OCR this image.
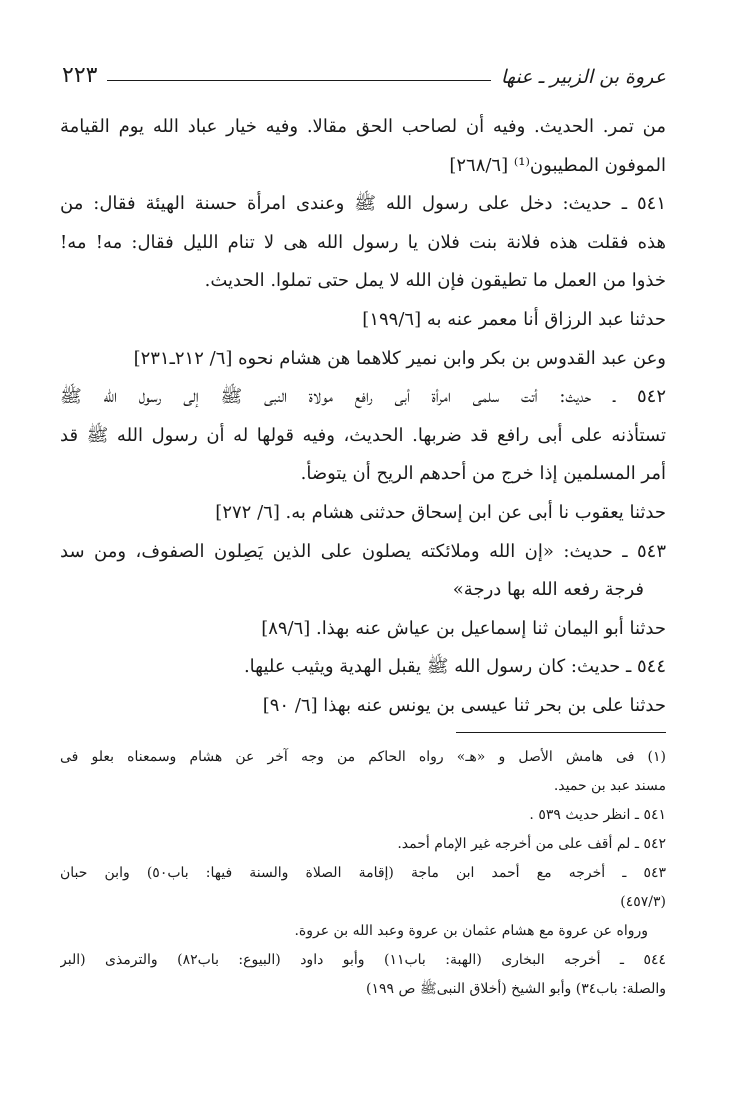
عروة بن الزبير ـ عنها
٢٢٣
من تمر. الحديث. وفيه أن لصاحب الحق مقالا. وفيه خيار عباد الله يوم القيامة
الموفون المطيبون⁽¹⁾ [٢٦٨/٦]
٥٤١ ـ حديث: دخل على رسول الله ﷺ وعندى امرأة حسنة الهيئة فقال: من
هذه فقلت هذه فلانة بنت فلان يا رسول الله هى لا تنام الليل فقال: مه! مه!
خذوا من العمل ما تطيقون فإن الله لا يمل حتى تملوا. الحديث.
حدثنا عبد الرزاق أنا معمر عنه به [١٩٩/٦]
وعن عبد القدوس بن بكر وابن نمير كلاهما هن هشام نحوه [٦/ ٢١٢ـ٢٣١]
٥٤٢ ـ حديث: أتت سلمى امرأة أبى رافع مولاة النبى ﷺ إلى رسول الله ﷺ
تستأذنه على أبى رافع قد ضربها. الحديث، وفيه قولها له أن رسول الله ﷺ قد
أمر المسلمين إذا خرج من أحدهم الريح أن يتوضأ.
حدثنا يعقوب نا أبى عن ابن إسحاق حدثنى هشام به. [٦/ ٢٧٢]
٥٤٣ ـ حديث: «إن الله وملائكته يصلون على الذين يَصِلون الصفوف، ومن سد
فرجة رفعه الله بها درجة»
حدثنا أبو اليمان ثنا إسماعيل بن عياش عنه بهذا. [٨٩/٦]
٥٤٤ ـ حديث: كان رسول الله ﷺ يقبل الهدية ويثيب عليها.
حدثنا على بن بحر ثنا عيسى بن يونس عنه بهذا [٦/ ٩٠]
(١) فى هامش الأصل و «هـ» رواه الحاكم من وجه آخر عن هشام وسمعناه بعلو فى
مسند عبد بن حميد.
٥٤١ ـ انظر حديث ٥٣٩ .
٥٤٢ ـ لم أقف على من أخرجه غير الإمام أحمد.
٥٤٣ ـ أخرجه مع أحمد ابن ماجة (إقامة الصلاة والسنة فيها: باب٥٠) وابن حبان
(٤٥٧/٣)
ورواه عن عروة مع هشام عثمان بن عروة وعبد الله بن عروة.
٥٤٤ ـ أخرجه البخارى (الهبة: باب١١) وأبو داود (البيوع: باب٨٢) والترمذى (البر
والصلة: باب٣٤) وأبو الشيخ (أخلاق النبىﷺ ص ١٩٩)
